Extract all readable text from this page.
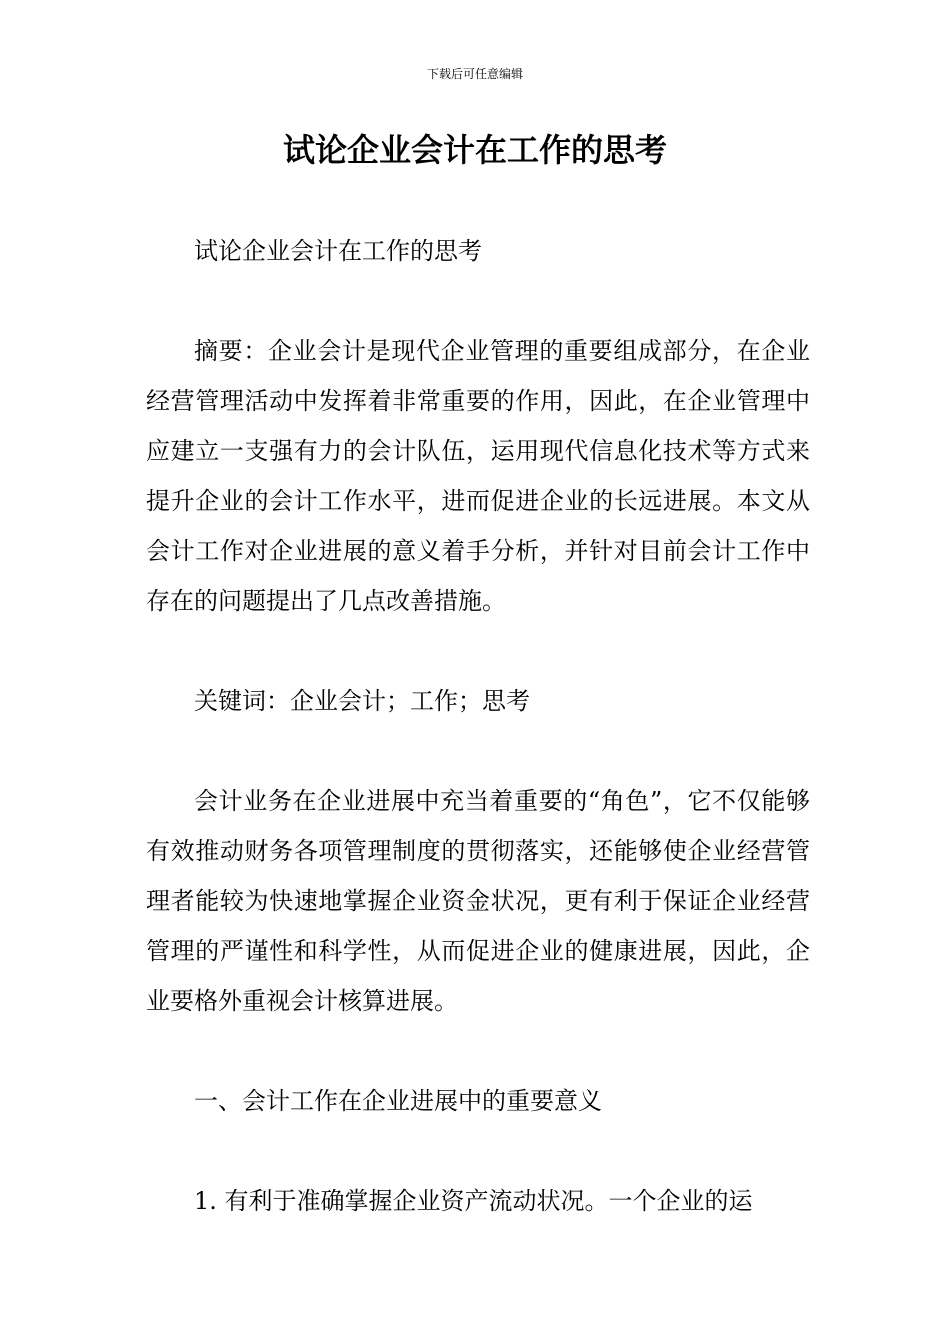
下载后可任意编辑
试论企业会计在工作的思考

试论企业会计在工作的思考

摘要：企业会计是现代企业管理的重要组成部分，在企业经营管理活动中发挥着非常重要的作用，因此，在企业管理中应建立一支强有力的会计队伍，运用现代信息化技术等方式来提升企业的会计工作水平，进而促进企业的长远进展。本文从会计工作对企业进展的意义着手分析，并针对目前会计工作中存在的问题提出了几点改善措施。

关键词：企业会计；工作；思考

会计业务在企业进展中充当着重要的“角色”，它不仅能够有效推动财务各项管理制度的贯彻落实，还能够使企业经营管理者能较为快速地掌握企业资金状况，更有利于保证企业经营管理的严谨性和科学性，从而促进企业的健康进展，因此，企业要格外重视会计核算进展。

一、会计工作在企业进展中的重要意义

1. 有利于准确掌握企业资产流动状况。一个企业的运
